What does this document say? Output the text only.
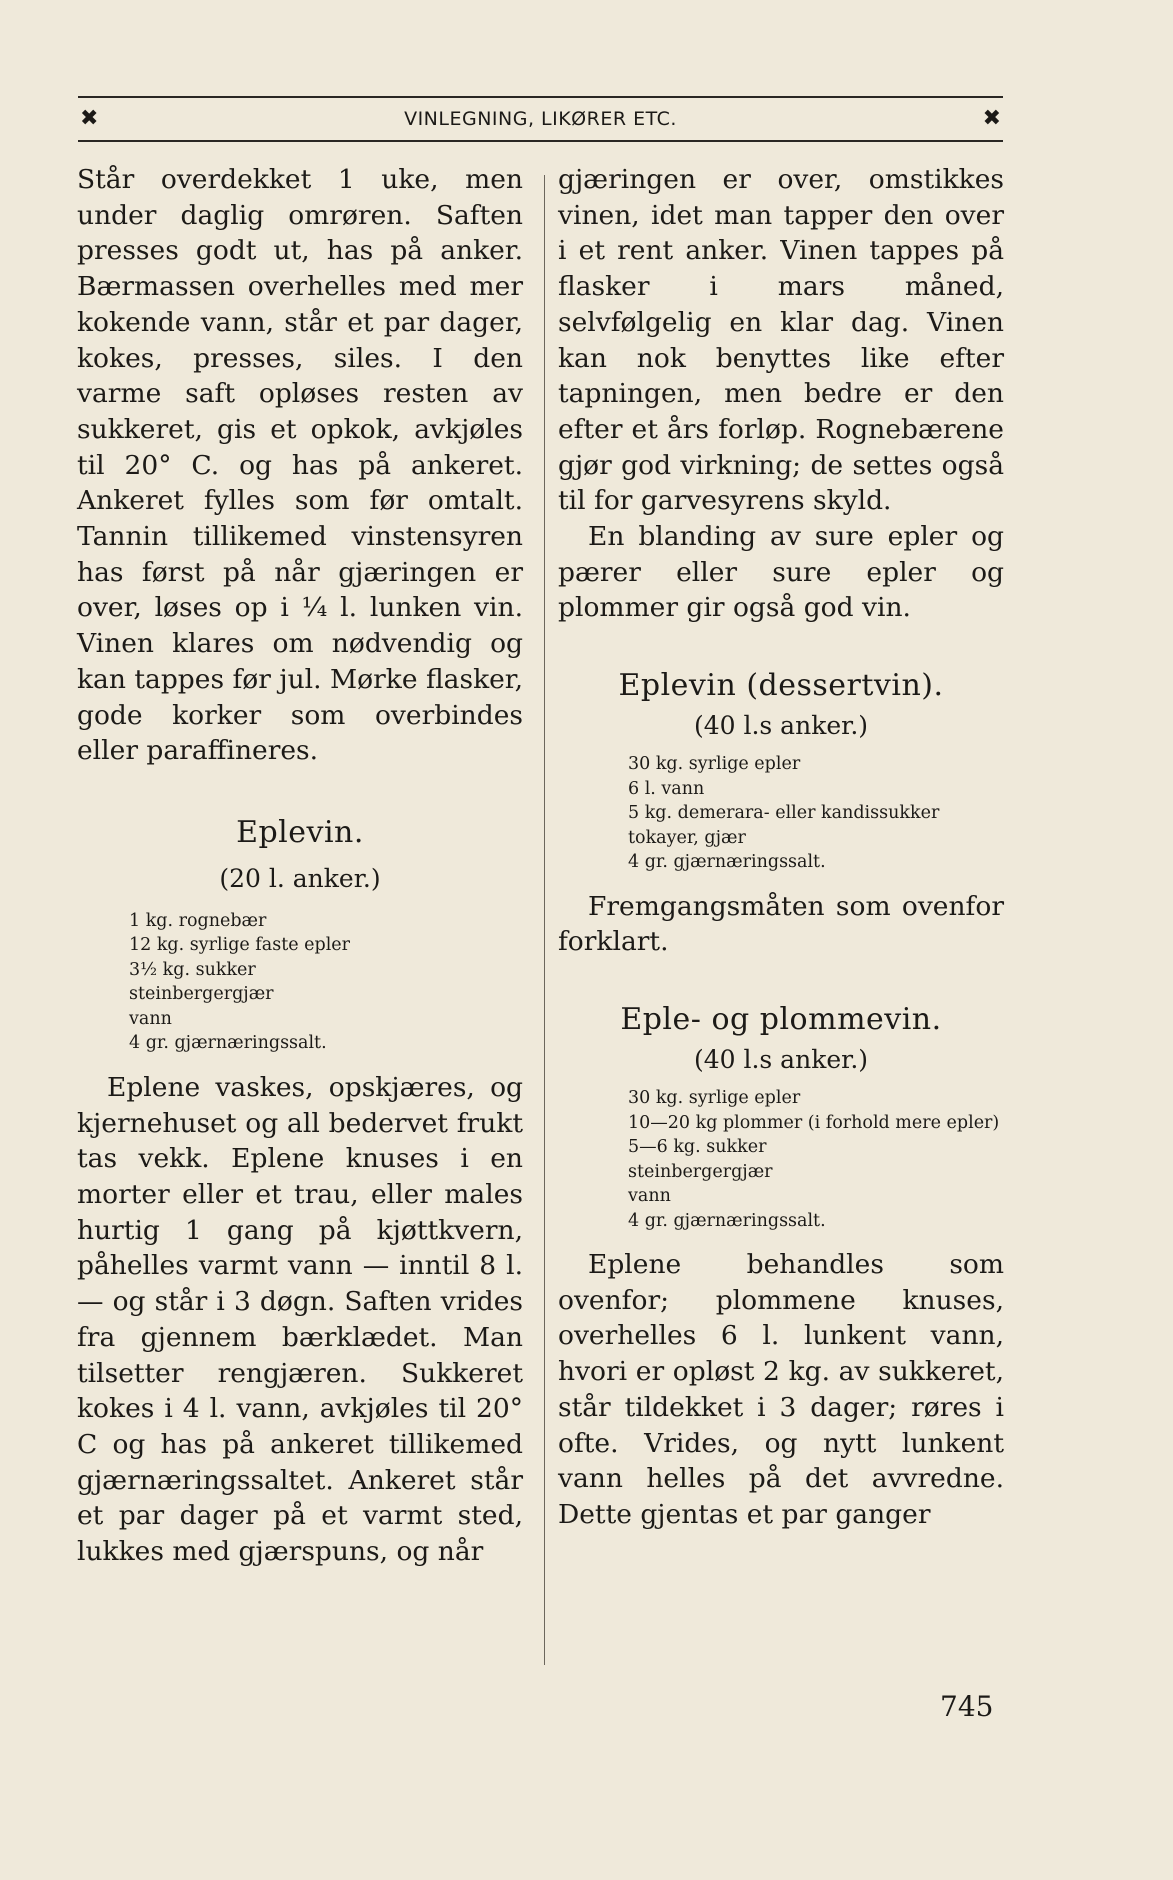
✖	VINLEGNING, LIKØRER ETC.	✖

Står overdekket 1 uke, men under daglig omrøren. Saften presses godt ut, has på anker. Bærmassen overhelles med mer kokende vann, står et par dager, kokes, presses, siles. I den varme saft opløses resten av sukkeret, gis et opkok, avkjøles til 20° C. og has på ankeret. Ankeret fylles som før omtalt. Tannin tillikemed vinstensyren has først på når gjæringen er over, løses op i ¼ l. lunken vin. Vinen klares om nødvendig og kan tappes før jul. Mørke flasker, gode korker som overbindes eller paraffineres.

Eplevin.

(20 l. anker.)

1 kg. rognebær
12 kg. syrlige faste epler
3½ kg. sukker
steinbergergjær
vann
4 gr. gjærnæringssalt.

Eplene vaskes, opskjæres, og kjernehuset og all bedervet frukt tas vekk. Eplene knuses i en morter eller et trau, eller males hurtig 1 gang på kjøttkvern, påhelles varmt vann — inntil 8 l. — og står i 3 døgn. Saften vrides fra gjennem bærklædet. Man tilsetter rengjæren. Sukkeret kokes i 4 l. vann, avkjøles til 20° C og has på ankeret tillikemed gjærnæringssaltet. Ankeret står et par dager på et varmt sted, lukkes med gjærspuns, og når

gjæringen er over, omstikkes vinen, idet man tapper den over i et rent anker. Vinen tappes på flasker i mars måned, selvfølgelig en klar dag. Vinen kan nok benyttes like efter tapningen, men bedre er den efter et års forløp. Rognebærene gjør god virkning; de settes også til for garvesyrens skyld.

En blanding av sure epler og pærer eller sure epler og plommer gir også god vin.

Eplevin (dessertvin).

(40 l.s anker.)

30 kg. syrlige epler
6 l. vann
5 kg. demerara- eller kandissukker
tokayer, gjær
4 gr. gjærnæringssalt.

Fremgangsmåten som ovenfor forklart.

Eple- og plommevin.

(40 l.s anker.)

30 kg. syrlige epler
10—20 kg plommer (i forhold mere epler)
5—6 kg. sukker
steinbergergjær
vann
4 gr. gjærnæringssalt.

Eplene behandles som ovenfor; plommene knuses, overhelles 6 l. lunkent vann, hvori er opløst 2 kg. av sukkeret, står tildekket i 3 dager; røres i ofte. Vrides, og nytt lunkent vann helles på det avvredne. Dette gjentas et par ganger

745
